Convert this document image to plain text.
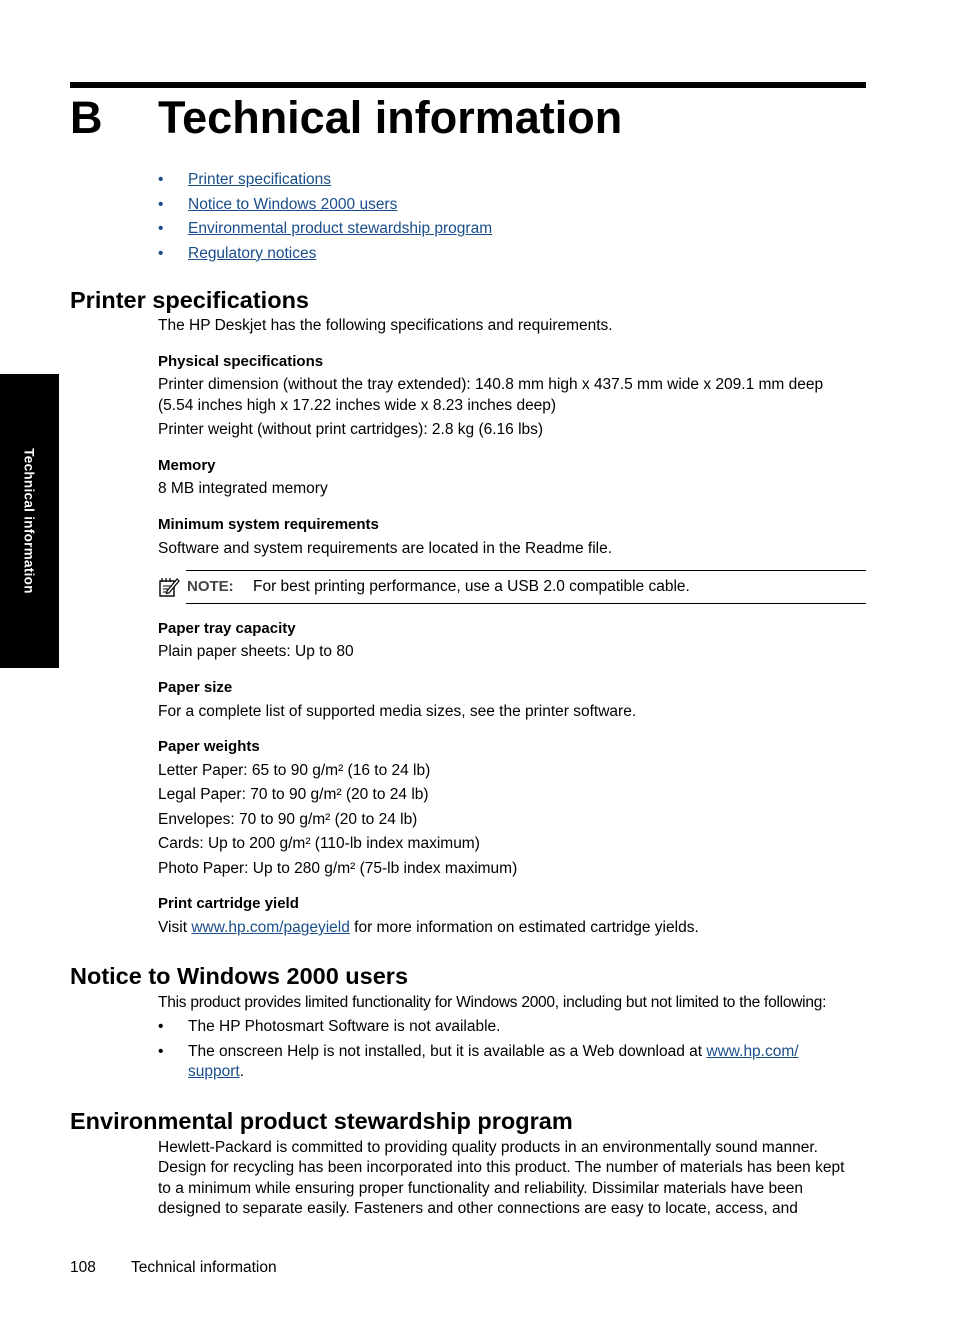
B Technical information
• Printer specifications
• Notice to Windows 2000 users
• Environmental product stewardship program
• Regulatory notices
Printer specifications
The HP Deskjet has the following specifications and requirements.
Physical specifications
Printer dimension (without the tray extended): 140.8 mm high x 437.5 mm wide x 209.1 mm deep
(5.54 inches high x 17.22 inches wide x 8.23 inches deep)
Printer weight (without print cartridges): 2.8 kg (6.16 lbs)
Memory
8 MB integrated memory
Minimum system requirements
Software and system requirements are located in the Readme file.
NOTE: For best printing performance, use a USB 2.0 compatible cable.
Paper tray capacity
Plain paper sheets: Up to 80
Paper size
For a complete list of supported media sizes, see the printer software.
Paper weights
Letter Paper: 65 to 90 g/m² (16 to 24 lb)
Legal Paper: 70 to 90 g/m² (20 to 24 lb)
Envelopes: 70 to 90 g/m² (20 to 24 lb)
Cards: Up to 200 g/m² (110-lb index maximum)
Photo Paper: Up to 280 g/m² (75-lb index maximum)
Print cartridge yield
Visit www.hp.com/pageyield for more information on estimated cartridge yields.
Notice to Windows 2000 users
This product provides limited functionality for Windows 2000, including but not limited to the following:
• The HP Photosmart Software is not available.
• The onscreen Help is not installed, but it is available as a Web download at www.hp.com/
support.
Environmental product stewardship program
Hewlett-Packard is committed to providing quality products in an environmentally sound manner.
Design for recycling has been incorporated into this product. The number of materials has been kept
to a minimum while ensuring proper functionality and reliability. Dissimilar materials have been
designed to separate easily. Fasteners and other connections are easy to locate, access, and
Technical information
108 Technical information
